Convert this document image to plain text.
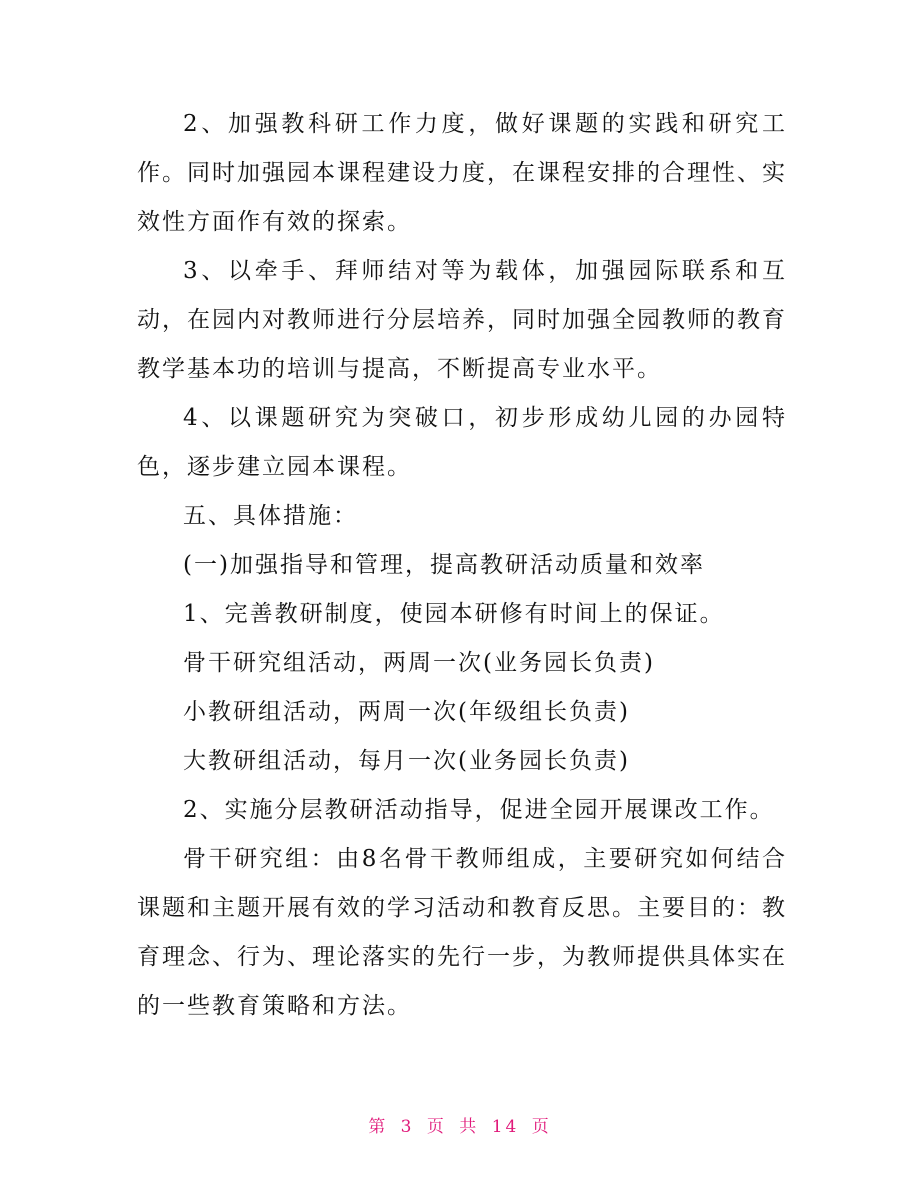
2、加强教科研工作力度，做好课题的实践和研究工作。同时加强园本课程建设力度，在课程安排的合理性、实效性方面作有效的探索。

3、以牵手、拜师结对等为载体，加强园际联系和互动，在园内对教师进行分层培养，同时加强全园教师的教育教学基本功的培训与提高，不断提高专业水平。

4、以课题研究为突破口，初步形成幼儿园的办园特色，逐步建立园本课程。

五、具体措施：

(一)加强指导和管理，提高教研活动质量和效率

1、完善教研制度，使园本研修有时间上的保证。

骨干研究组活动，两周一次(业务园长负责)

小教研组活动，两周一次(年级组长负责)

大教研组活动，每月一次(业务园长负责)

2、实施分层教研活动指导，促进全园开展课改工作。

骨干研究组：由8名骨干教师组成，主要研究如何结合课题和主题开展有效的学习活动和教育反思。主要目的：教育理念、行为、理论落实的先行一步，为教师提供具体实在的一些教育策略和方法。

第 3 页 共 14 页
